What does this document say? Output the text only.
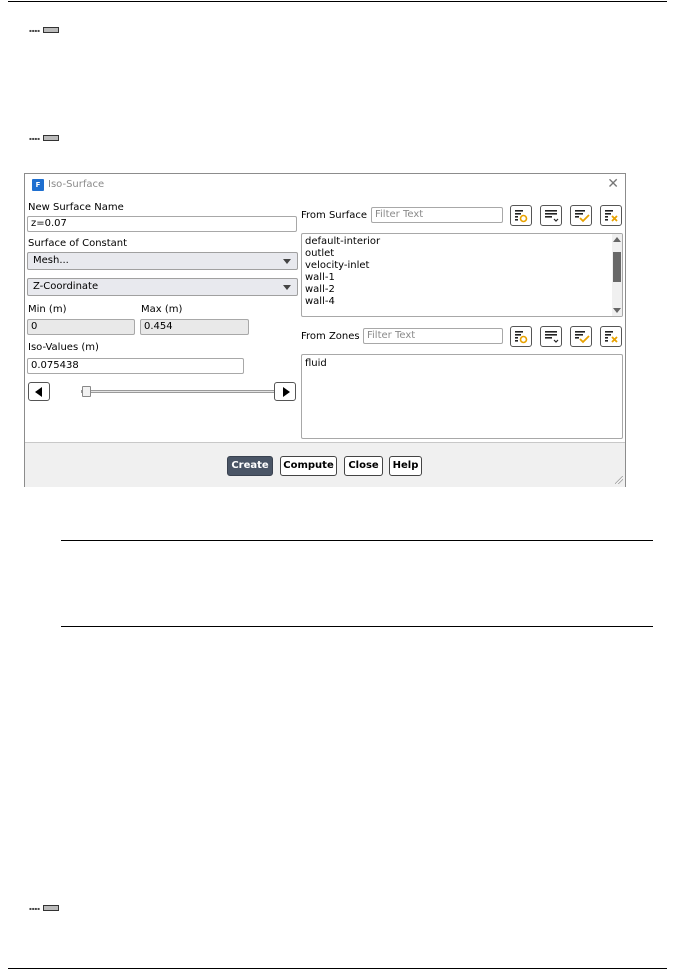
▪▪▪▪
▪▪▪▪
▪▪▪▪
F Iso-Surface	✕
New Surface Name
z=0.07
Surface of Constant
Mesh...
Z-Coordinate
Min (m)	Max (m)
0	0.454
Iso-Values (m)
0.075438
From Surface Filter Text
default-interior
outlet
velocity-inlet
wall-1
wall-2
wall-4
From Zones Filter Text
fluid
Create	Compute	Close	Help
